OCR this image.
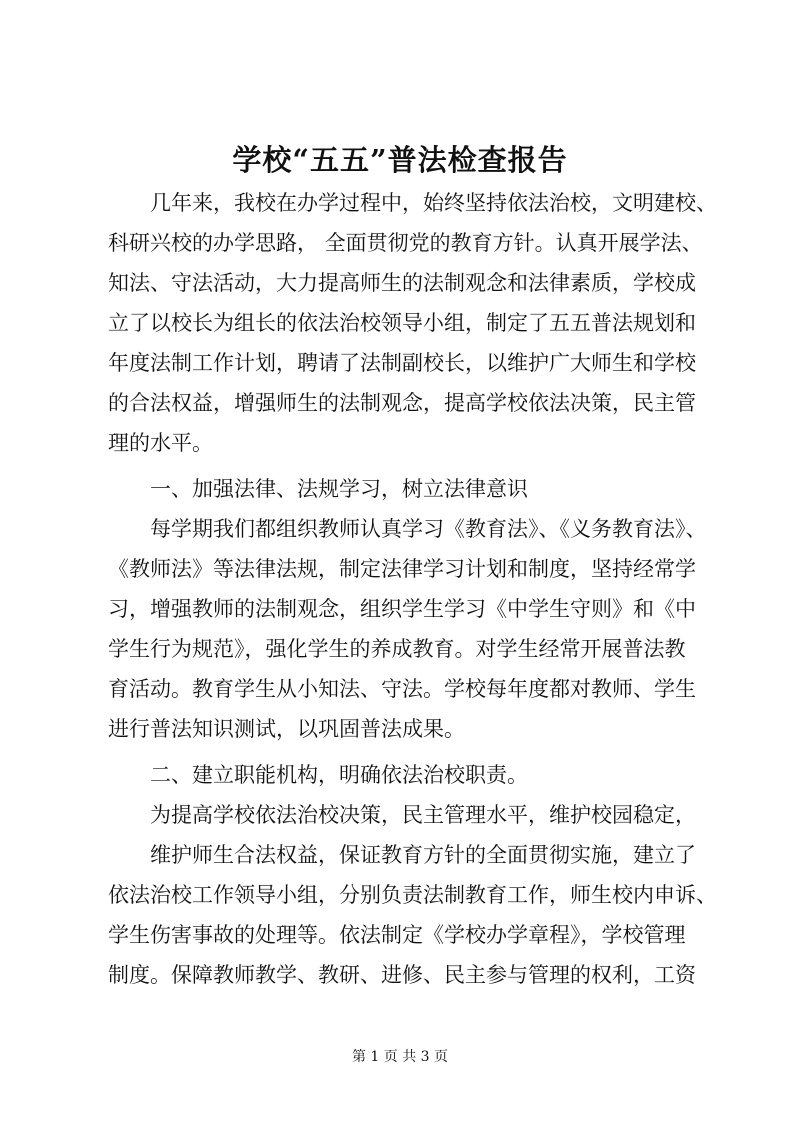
学校“五五”普法检查报告
几年来，我校在办学过程中，始终坚持依法治校，文明建校、
科研兴校的办学思路， 全面贯彻党的教育方针。认真开展学法、
知法、守法活动，大力提高师生的法制观念和法律素质，学校成
立了以校长为组长的依法治校领导小组，制定了五五普法规划和
年度法制工作计划，聘请了法制副校长，以维护广大师生和学校
的合法权益，增强师生的法制观念，提高学校依法决策，民主管
理的水平。
一、加强法律、法规学习，树立法律意识
每学期我们都组织教师认真学习《教育法》、《义务教育法》、
《教师法》等法律法规，制定法律学习计划和制度，坚持经常学
习，增强教师的法制观念，组织学生学习《中学生守则》和《中
学生行为规范》，强化学生的养成教育。对学生经常开展普法教
育活动。教育学生从小知法、守法。学校每年度都对教师、学生
进行普法知识测试，以巩固普法成果。
二、建立职能机构，明确依法治校职责。
为提高学校依法治校决策，民主管理水平，维护校园稳定，
维护师生合法权益，保证教育方针的全面贯彻实施，建立了
依法治校工作领导小组，分别负责法制教育工作，师生校内申诉、
学生伤害事故的处理等。依法制定《学校办学章程》，学校管理
制度。保障教师教学、教研、进修、民主参与管理的权利，工资
第 1 页 共 3 页
